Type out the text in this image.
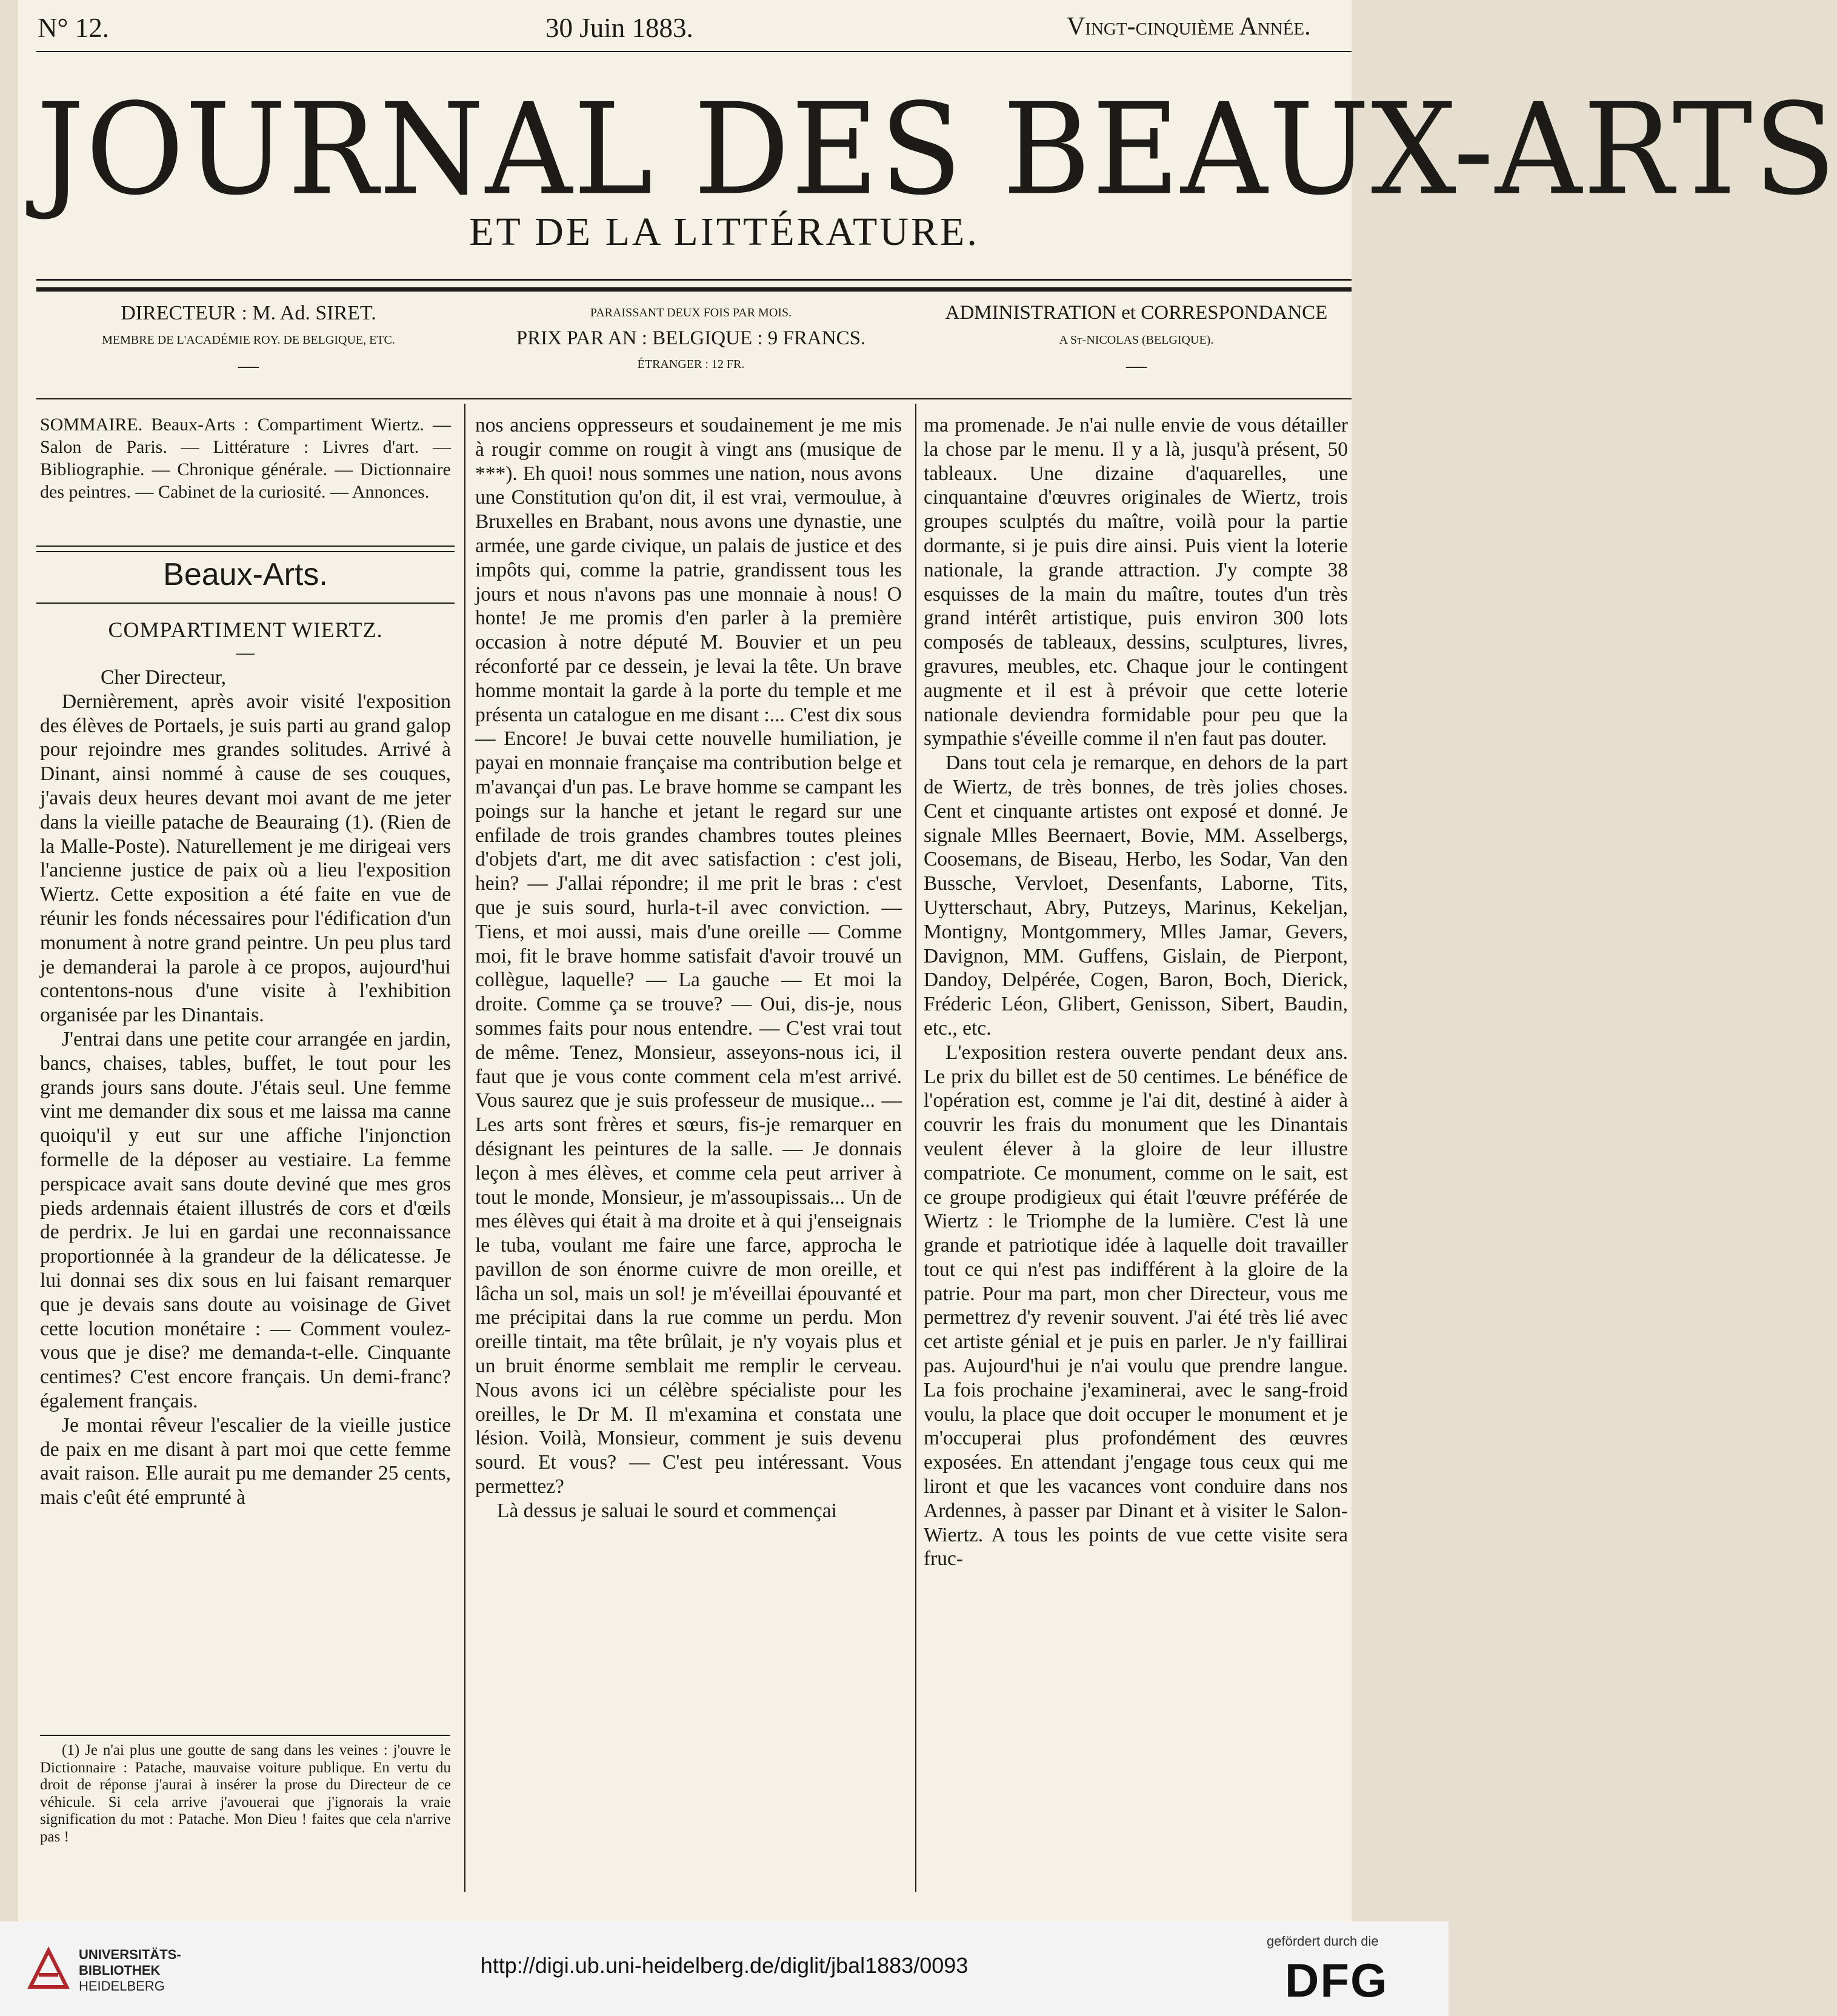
N° 12.	30 Juin 1883.	Vingt-cinquième Année.
JOURNAL DES BEAUX-ARTS
ET DE LA LITTÉRATURE.
DIRECTEUR : M. Ad. SIRET.
MEMBRE DE L'ACADÉMIE ROY. DE BELGIQUE, ETC.
—
PARAISSANT DEUX FOIS PAR MOIS.
PRIX PAR AN : BELGIQUE : 9 FRANCS.
ÉTRANGER : 12 FR.
ADMINISTRATION et CORRESPONDANCE
A St-NICOLAS (BELGIQUE).
—

SOMMAIRE. Beaux-Arts : Compartiment Wiertz. — Salon de Paris. — Littérature : Livres d'art. — Bibliographie. — Chronique générale. — Dictionnaire des peintres. — Cabinet de la curiosité. — Annonces.

Beaux-Arts.
COMPARTIMENT WIERTZ.
—

Cher Directeur,

Dernièrement, après avoir visité l'exposition des élèves de Portaels, je suis parti au grand galop pour rejoindre mes grandes solitudes. Arrivé à Dinant, ainsi nommé à cause de ses couques, j'avais deux heures devant moi avant de me jeter dans la vieille patache de Beauraing (1). (Rien de la Malle-Poste). Naturellement je me dirigeai vers l'ancienne justice de paix où a lieu l'exposition Wiertz. Cette exposition a été faite en vue de réunir les fonds nécessaires pour l'édification d'un monument à notre grand peintre. Un peu plus tard je demanderai la parole à ce propos, aujourd'hui contentons-nous d'une visite à l'exhibition organisée par les Dinantais.

J'entrai dans une petite cour arrangée en jardin, bancs, chaises, tables, buffet, le tout pour les grands jours sans doute. J'étais seul. Une femme vint me demander dix sous et me laissa ma canne quoiqu'il y eut sur une affiche l'injonction formelle de la déposer au vestiaire. La femme perspicace avait sans doute deviné que mes gros pieds ardennais étaient illustrés de cors et d'œils de perdrix. Je lui en gardai une reconnaissance proportionnée à la grandeur de la délicatesse. Je lui donnai ses dix sous en lui faisant remarquer que je devais sans doute au voisinage de Givet cette locution monétaire : — Comment voulez-vous que je dise? me demanda-t-elle. Cinquante centimes? C'est encore français. Un demi-franc? également français.

Je montai rêveur l'escalier de la vieille justice de paix en me disant à part moi que cette femme avait raison. Elle aurait pu me demander 25 cents, mais c'eût été emprunté à

(1) Je n'ai plus une goutte de sang dans les veines : j'ouvre le Dictionnaire : Patache, mauvaise voiture publique. En vertu du droit de réponse j'aurai à insérer la prose du Directeur de ce véhicule. Si cela arrive j'avouerai que j'ignorais la vraie signification du mot : Patache. Mon Dieu ! faites que cela n'arrive pas !

nos anciens oppresseurs et soudainement je me mis à rougir comme on rougit à vingt ans (musique de ***). Eh quoi! nous sommes une nation, nous avons une Constitution qu'on dit, il est vrai, vermoulue, à Bruxelles en Brabant, nous avons une dynastie, une armée, une garde civique, un palais de justice et des impôts qui, comme la patrie, grandissent tous les jours et nous n'avons pas une monnaie à nous! O honte! Je me promis d'en parler à la première occasion à notre député M. Bouvier et un peu réconforté par ce dessein, je levai la tête. Un brave homme montait la garde à la porte du temple et me présenta un catalogue en me disant :... C'est dix sous — Encore! Je buvai cette nouvelle humiliation, je payai en monnaie française ma contribution belge et m'avançai d'un pas. Le brave homme se campant les poings sur la hanche et jetant le regard sur une enfilade de trois grandes chambres toutes pleines d'objets d'art, me dit avec satisfaction : c'est joli, hein? — J'allai répondre; il me prit le bras : c'est que je suis sourd, hurla-t-il avec conviction. — Tiens, et moi aussi, mais d'une oreille — Comme moi, fit le brave homme satisfait d'avoir trouvé un collègue, laquelle? — La gauche — Et moi la droite. Comme ça se trouve? — Oui, dis-je, nous sommes faits pour nous entendre. — C'est vrai tout de même. Tenez, Monsieur, asseyons-nous ici, il faut que je vous conte comment cela m'est arrivé. Vous saurez que je suis professeur de musique... — Les arts sont frères et sœurs, fis-je remarquer en désignant les peintures de la salle. — Je donnais leçon à mes élèves, et comme cela peut arriver à tout le monde, Monsieur, je m'assoupissais... Un de mes élèves qui était à ma droite et à qui j'enseignais le tuba, voulant me faire une farce, approcha le pavillon de son énorme cuivre de mon oreille, et lâcha un sol, mais un sol! je m'éveillai épouvanté et me précipitai dans la rue comme un perdu. Mon oreille tintait, ma tête brûlait, je n'y voyais plus et un bruit énorme semblait me remplir le cerveau. Nous avons ici un célèbre spécialiste pour les oreilles, le Dr M. Il m'examina et constata une lésion. Voilà, Monsieur, comment je suis devenu sourd. Et vous? — C'est peu intéressant. Vous permettez?

Là dessus je saluai le sourd et commençai

ma promenade. Je n'ai nulle envie de vous détailler la chose par le menu. Il y a là, jusqu'à présent, 50 tableaux. Une dizaine d'aquarelles, une cinquantaine d'œuvres originales de Wiertz, trois groupes sculptés du maître, voilà pour la partie dormante, si je puis dire ainsi. Puis vient la loterie nationale, la grande attraction. J'y compte 38 esquisses de la main du maître, toutes d'un très grand intérêt artistique, puis environ 300 lots composés de tableaux, dessins, sculptures, livres, gravures, meubles, etc. Chaque jour le contingent augmente et il est à prévoir que cette loterie nationale deviendra formidable pour peu que la sympathie s'éveille comme il n'en faut pas douter.

Dans tout cela je remarque, en dehors de la part de Wiertz, de très bonnes, de très jolies choses. Cent et cinquante artistes ont exposé et donné. Je signale Mlles Beernaert, Bovie, MM. Asselbergs, Coosemans, de Biseau, Herbo, les Sodar, Van den Bussche, Vervloet, Desenfants, Laborne, Tits, Uytterschaut, Abry, Putzeys, Marinus, Kekeljan, Montigny, Montgommery, Mlles Jamar, Gevers, Davignon, MM. Guffens, Gislain, de Pierpont, Dandoy, Delpérée, Cogen, Baron, Boch, Dierick, Fréderic Léon, Glibert, Genisson, Sibert, Baudin, etc., etc.

L'exposition restera ouverte pendant deux ans. Le prix du billet est de 50 centimes. Le bénéfice de l'opération est, comme je l'ai dit, destiné à aider à couvrir les frais du monument que les Dinantais veulent élever à la gloire de leur illustre compatriote. Ce monument, comme on le sait, est ce groupe prodigieux qui était l'œuvre préférée de Wiertz : le Triomphe de la lumière. C'est là une grande et patriotique idée à laquelle doit travailler tout ce qui n'est pas indifférent à la gloire de la patrie. Pour ma part, mon cher Directeur, vous me permettrez d'y revenir souvent. J'ai été très lié avec cet artiste génial et je puis en parler. Je n'y faillirai pas. Aujourd'hui je n'ai voulu que prendre langue. La fois prochaine j'examinerai, avec le sang-froid voulu, la place que doit occuper le monument et je m'occuperai plus profondément des œuvres exposées. En attendant j'engage tous ceux qui me liront et que les vacances vont conduire dans nos Ardennes, à passer par Dinant et à visiter le Salon-Wiertz. A tous les points de vue cette visite sera fruc-

UNIVERSITÄTS-
BIBLIOTHEK
HEIDELBERG
http://digi.ub.uni-heidelberg.de/diglit/jbal1883/0093
gefördert durch die
DFG
